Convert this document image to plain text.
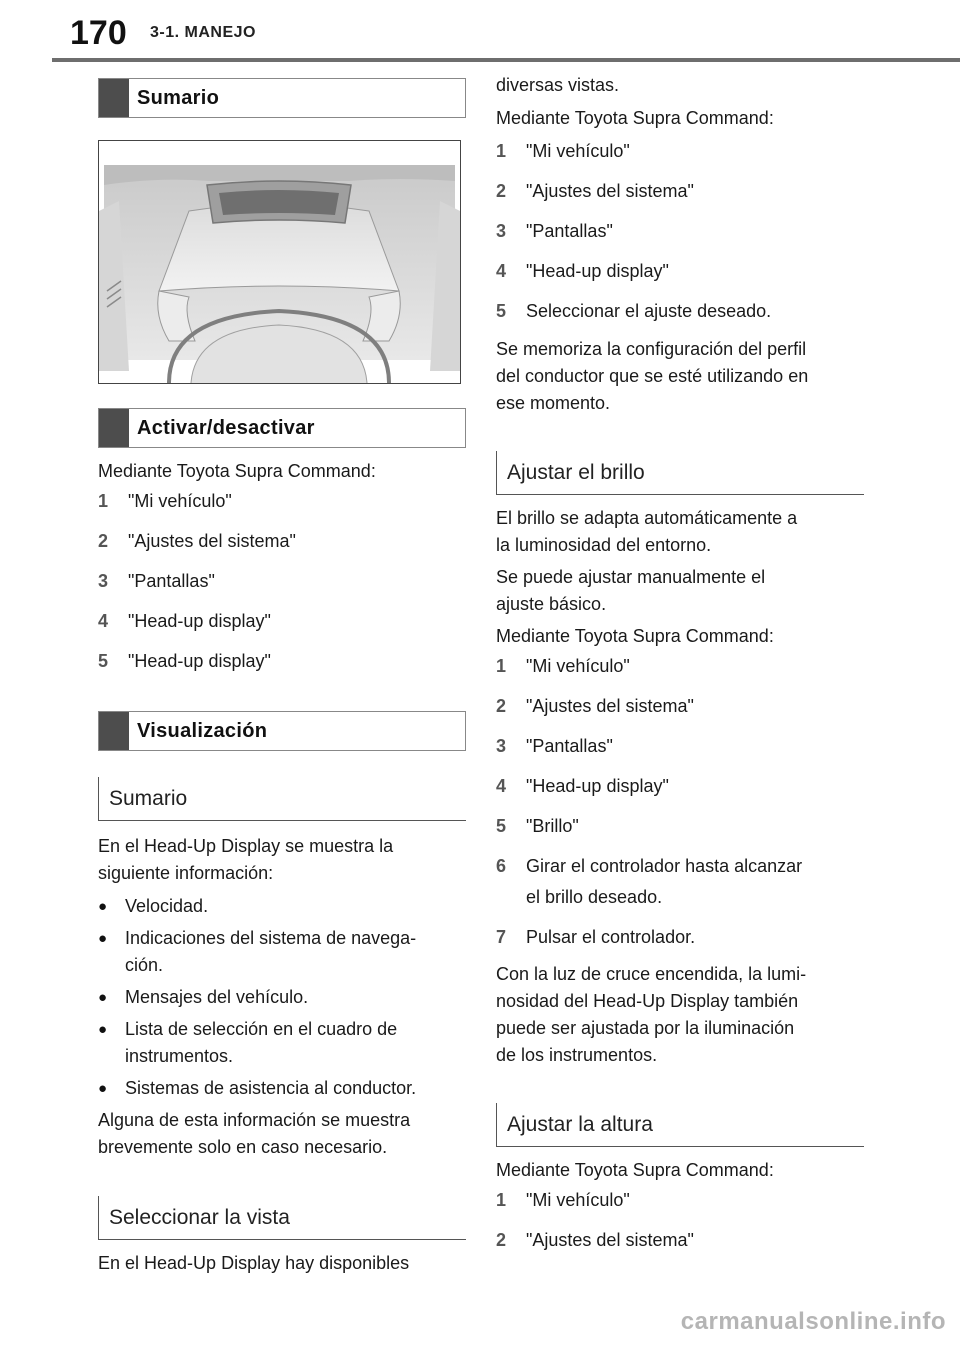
170 3-1. MANEJO
Sumario
Activar/desactivar

Mediante Toyota Supra Command:

1	"Mi vehículo"
2	"Ajustes del sistema"
3	"Pantallas"
4	"Head-up display"
5	"Head-up display"
Visualización
Sumario

En el Head-Up Display se muestra la

siguiente información:

● Velocidad.
● Indicaciones del sistema de navega-
ción.
● Mensajes del vehículo.
● Lista de selección en el cuadro de
instrumentos.
● Sistemas de asistencia al conductor.

Alguna de esta información se muestra

brevemente solo en caso necesario.

Seleccionar la vista

En el Head-Up Display hay disponibles

diversas vistas.

Mediante Toyota Supra Command:

1	"Mi vehículo"
2	"Ajustes del sistema"
3	"Pantallas"
4	"Head-up display"
5	Seleccionar el ajuste deseado.

Se memoriza la configuración del perfil

del conductor que se esté utilizando en

ese momento.

Ajustar el brillo

El brillo se adapta automáticamente a

la luminosidad del entorno.

Se puede ajustar manualmente el

ajuste básico.

Mediante Toyota Supra Command:

1	"Mi vehículo"
2	"Ajustes del sistema"
3	"Pantallas"
4	"Head-up display"
5	"Brillo"
6	Girar el controlador hasta alcanzar
el brillo deseado.
7	Pulsar el controlador.

Con la luz de cruce encendida, la lumi-

nosidad del Head-Up Display también

puede ser ajustada por la iluminación

de los instrumentos.

Ajustar la altura

Mediante Toyota Supra Command:

1	"Mi vehículo"
2	"Ajustes del sistema"
carmanualsonline.info
